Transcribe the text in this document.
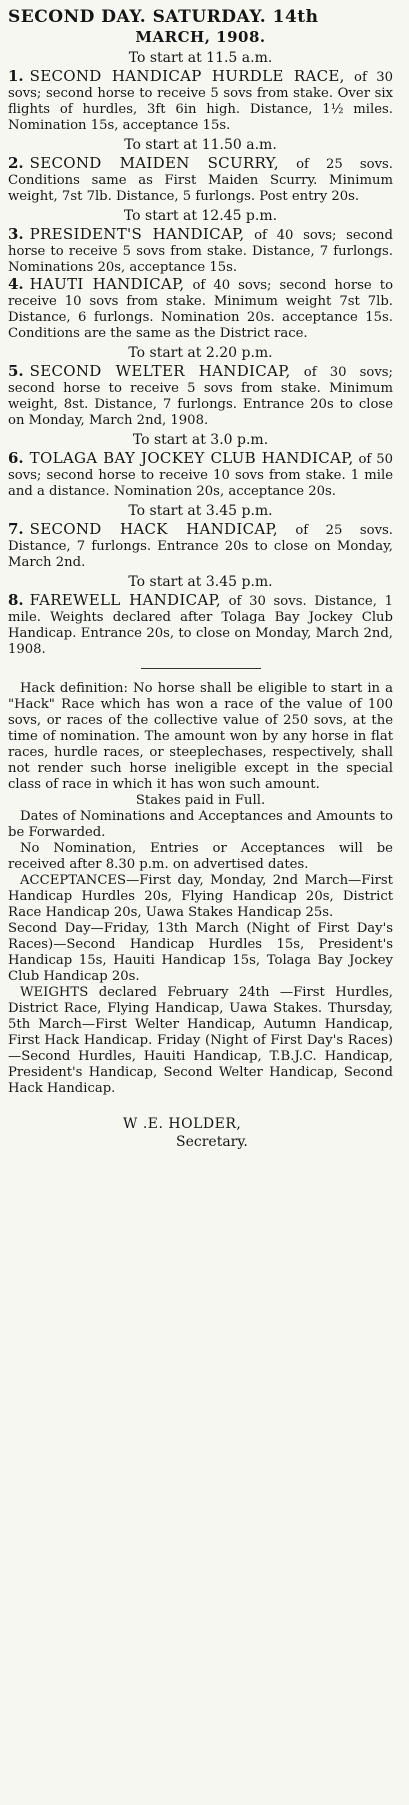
SECOND DAY. SATURDAY. 14th
MARCH, 1908.
To start at 11.5 a.m.

1. SECOND HANDICAP HURDLE RACE, of 30 sovs; second horse to receive 5 sovs from stake. Over six flights of hurdles, 3ft 6in high. Distance, 1½ miles. Nomination 15s, acceptance 15s.

To start at 11.50 a.m.

2. SECOND MAIDEN SCURRY, of 25 sovs. Conditions same as First Maiden Scurry. Minimum weight, 7st 7lb. Distance, 5 furlongs. Post entry 20s.

To start at 12.45 p.m.

3. PRESIDENT'S HANDICAP, of 40 sovs; second horse to receive 5 sovs from stake. Distance, 7 furlongs. Nominations 20s, acceptance 15s.

4. HAUTI HANDICAP, of 40 sovs; second horse to receive 10 sovs from stake. Minimum weight 7st 7lb. Distance, 6 furlongs. Nomination 20s. acceptance 15s. Conditions are the same as the District race.

To start at 2.20 p.m.

5. SECOND WELTER HANDICAP, of 30 sovs; second horse to receive 5 sovs from stake. Minimum weight, 8st. Distance, 7 furlongs. Entrance 20s to close on Monday, March 2nd, 1908.

To start at 3.0 p.m.

6. TOLAGA BAY JOCKEY CLUB HANDICAP, of 50 sovs; second horse to receive 10 sovs from stake. 1 mile and a distance. Nomination 20s, acceptance 20s.

To start at 3.45 p.m.

7. SECOND HACK HANDICAP, of 25 sovs. Distance, 7 furlongs. Entrance 20s to close on Monday, March 2nd.

To start at 3.45 p.m.

8. FAREWELL HANDICAP, of 30 sovs. Distance, 1 mile. Weights declared after Tolaga Bay Jockey Club Handicap. Entrance 20s, to close on Monday, March 2nd, 1908.

Hack definition: No horse shall be eligible to start in a "Hack" Race which has won a race of the value of 100 sovs, or races of the collective value of 250 sovs, at the time of nomination. The amount won by any horse in flat races, hurdle races, or steeplechases, respectively, shall not render such horse ineligible except in the special class of race in which it has won such amount.

Stakes paid in Full.

Dates of Nominations and Acceptances and Amounts to be Forwarded.

No Nomination, Entries or Acceptances will be received after 8.30 p.m. on advertised dates.

ACCEPTANCES—First day, Monday, 2nd March—First Handicap Hurdles 20s, Flying Handicap 20s, District Race Handicap 20s, Uawa Stakes Handicap 25s.

Second Day—Friday, 13th March (Night of First Day's Races)—Second Handicap Hurdles 15s, President's Handicap 15s, Hauiti Handicap 15s, Tolaga Bay Jockey Club Handicap 20s.

WEIGHTS declared February 24th —First Hurdles, District Race, Flying Handicap, Uawa Stakes. Thursday, 5th March—First Welter Handicap, Autumn Handicap, First Hack Handicap. Friday (Night of First Day's Races)—Second Hurdles, Hauiti Handicap, T.B.J.C. Handicap, President's Handicap, Second Welter Handicap, Second Hack Handicap.

W .E. HOLDER,
Secretary.
